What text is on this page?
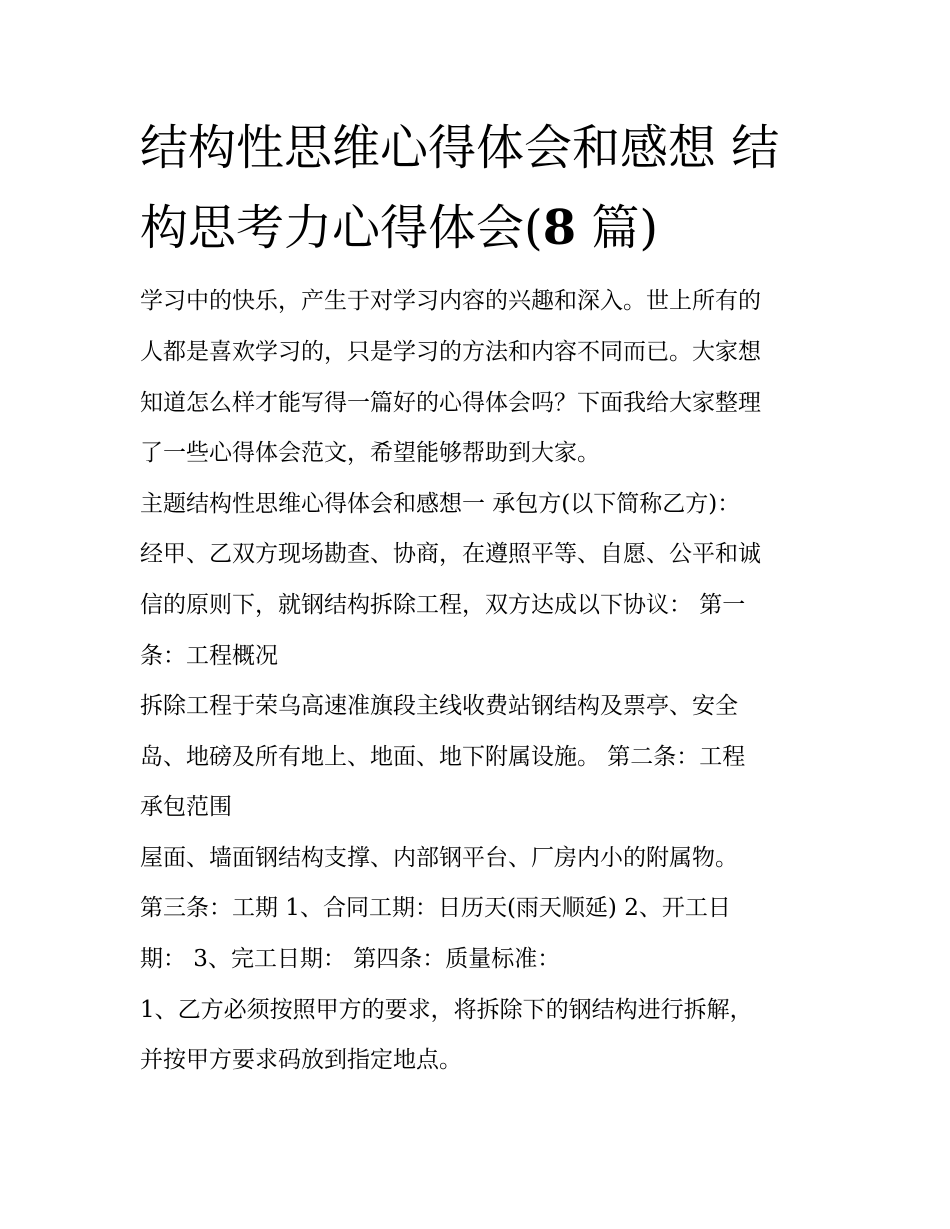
结构性思维心得体会和感想 结
构思考力心得体会(8 篇)

学习中的快乐，产生于对学习内容的兴趣和深入。世上所有的

人都是喜欢学习的，只是学习的方法和内容不同而已。大家想

知道怎么样才能写得一篇好的心得体会吗？下面我给大家整理

了一些心得体会范文，希望能够帮助到大家。

主题结构性思维心得体会和感想一 承包方(以下简称乙方)：

经甲、乙双方现场勘查、协商，在遵照平等、自愿、公平和诚

信的原则下，就钢结构拆除工程，双方达成以下协议： 第一

条：工程概况

拆除工程于荣乌高速准旗段主线收费站钢结构及票亭、安全

岛、地磅及所有地上、地面、地下附属设施。 第二条：工程

承包范围

屋面、墙面钢结构支撑、内部钢平台、厂房内小的附属物。

第三条：工期 1、合同工期：日历天(雨天顺延) 2、开工日

期： 3、完工日期： 第四条：质量标准：

1、乙方必须按照甲方的要求，将拆除下的钢结构进行拆解，

并按甲方要求码放到指定地点。
